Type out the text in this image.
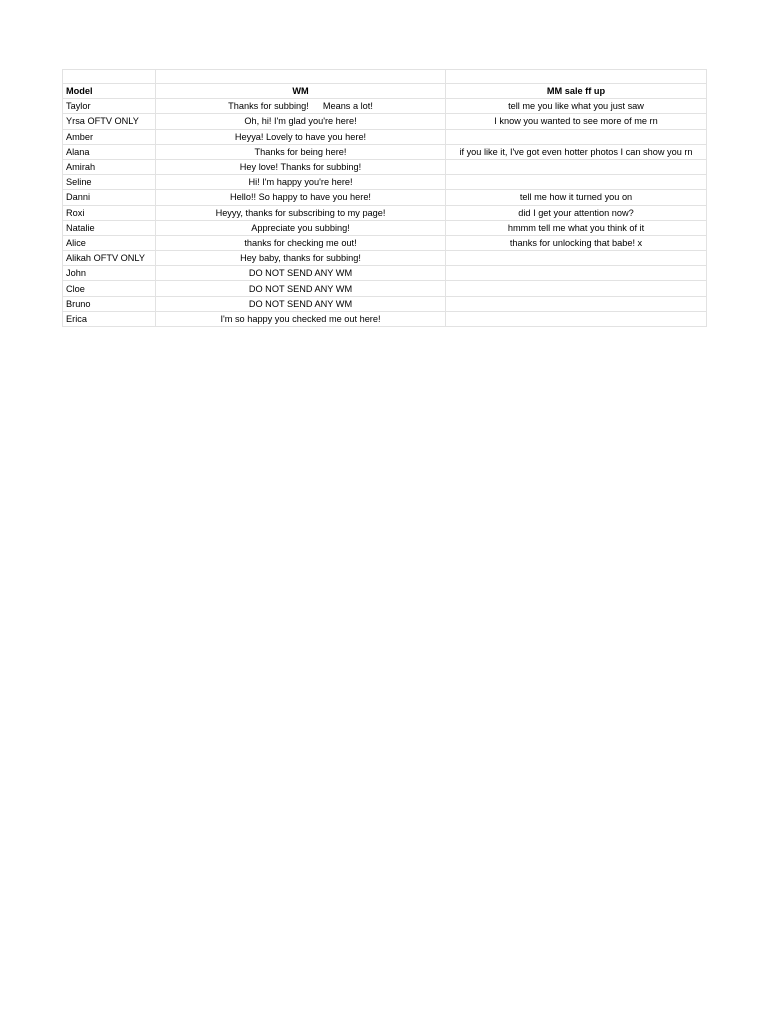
Model	WM	MM sale ff up
Taylor	Thanks for subbing! Means a lot!	tell me you like what you just saw
Yrsa OFTV ONLY	Oh, hi! I'm glad you're here!	I know you wanted to see more of me rn
Amber	Heyya! Lovely to have you here!	
Alana	Thanks for being here!	if you like it, I've got even hotter photos I can show you rn
Amirah	Hey love! Thanks for subbing!	
Seline	Hi! I'm happy you're here!	
Danni	Hello!! So happy to have you here!	tell me how it turned you on
Roxi	Heyyy, thanks for subscribing to my page!	did I get your attention now?
Natalie	Appreciate you subbing!	hmmm tell me what you think of it
Alice	thanks for checking me out!	thanks for unlocking that babe! x
Alikah OFTV ONLY	Hey baby, thanks for subbing!	
John	DO NOT SEND ANY WM	
Cloe	DO NOT SEND ANY WM	
Bruno	DO NOT SEND ANY WM	
Erica	I'm so happy you checked me out here!	
